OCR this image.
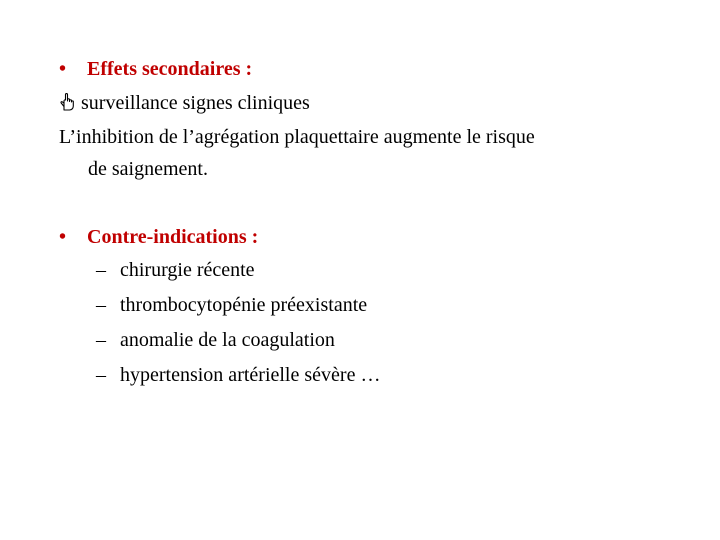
• Effets secondaires :
surveillance signes cliniques
L’inhibition de l’agrégation plaquettaire augmente le risque
de saignement.
• Contre-indications :
– chirurgie récente
– thrombocytopénie préexistante
– anomalie de la coagulation
– hypertension artérielle sévère …
